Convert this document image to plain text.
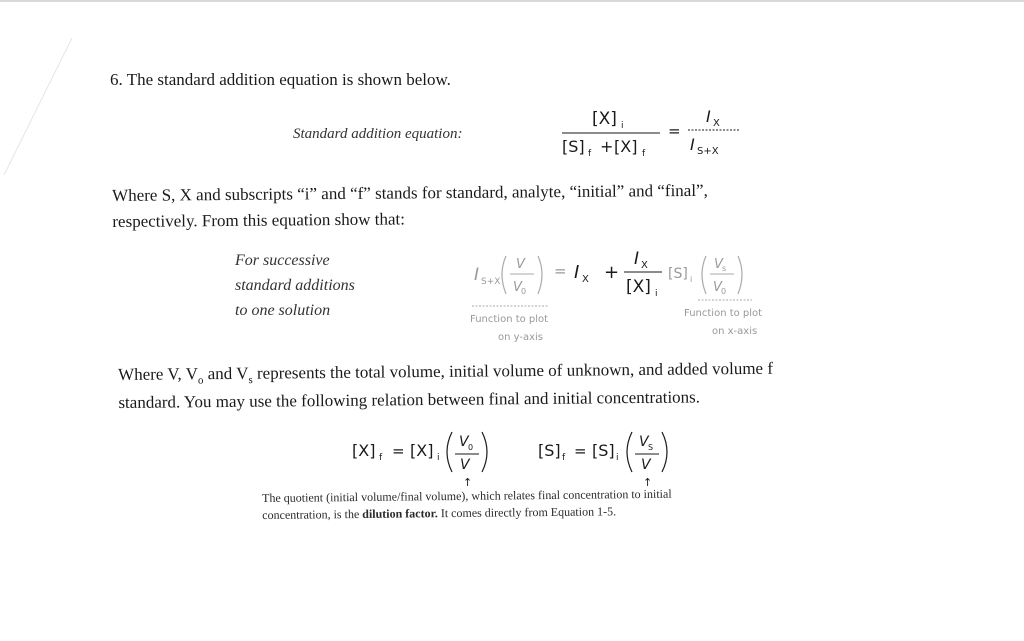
6. The standard addition equation is shown below.
Standard addition equation:
[X] i
[S] f + [X] f
=
I X
I S+X
Where S, X and subscripts “i” and “f” stands for standard, analyte, “initial” and “final”,
respectively. From this equation show that:
For successive
standard additions
to one solution
I S+X
V
V 0
= I X +
I X
[X] i
[S] i
V s
V 0
Function to plot
on y-axis
Function to plot
on x-axis
Where V, $V_o$ and $V_s$ represents the total volume, initial volume of unknown, and added volume f
standard. You may use the following relation between final and initial concentrations.
[X] f = [X] i
V 0
V
↑
[S] f = [S] i
V S
V
↑
The quotient (initial volume/final volume), which relates final concentration to initial
concentration, is the dilution factor. It comes directly from Equation 1-5.
